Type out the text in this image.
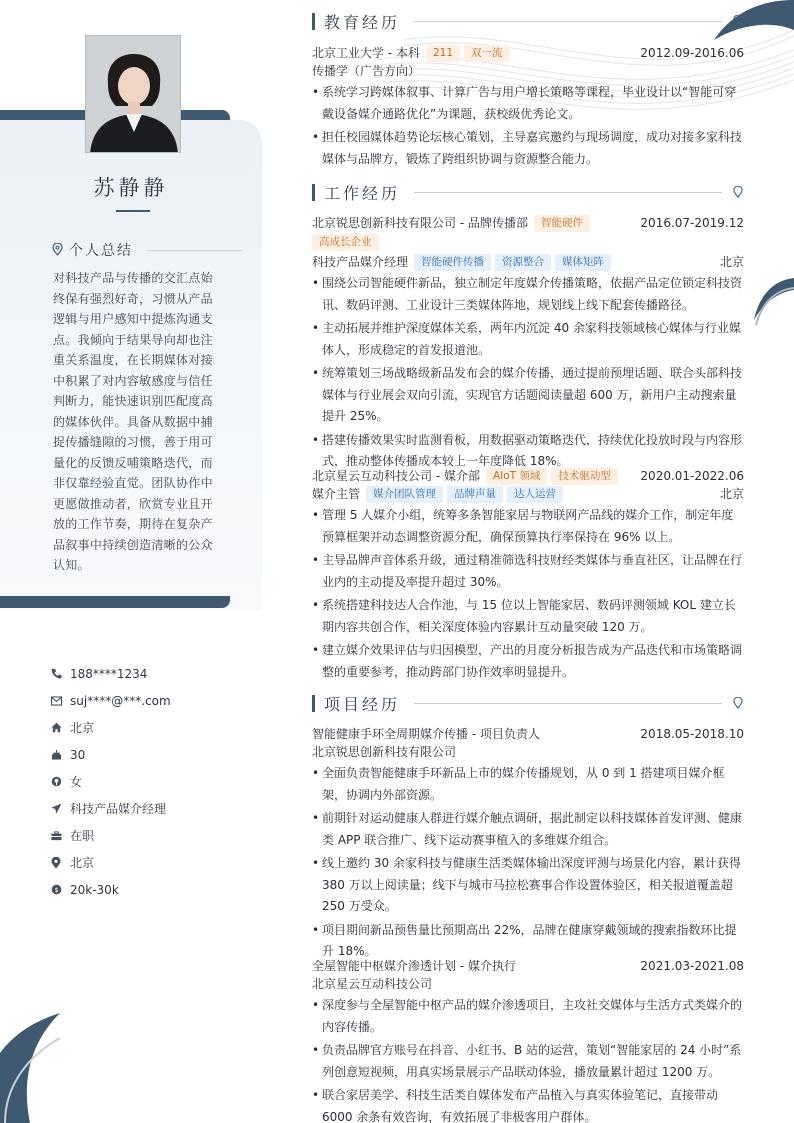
苏静静
个人总结
对科技产品与传播的交汇点始终保有强烈好奇，习惯从产品逻辑与用户感知中提炼沟通支点。我倾向于结果导向却也注重关系温度，在长期媒体对接中积累了对内容敏感度与信任判断力，能快速识别匹配度高的媒体伙伴。具备从数据中捕捉传播缝隙的习惯，善于用可量化的反馈反哺策略迭代，而非仅靠经验直觉。团队协作中更愿做推动者，欣赏专业且开放的工作节奏，期待在复杂产品叙事中持续创造清晰的公众认知。
188****1234
suj****@***.com
北京
30
女
科技产品媒介经理
在职
北京
$ 20k-30k
教育经历
北京工业大学 - 本科	211	双一流	2012.09-2016.06
传播学（广告方向）
• 系统学习跨媒体叙事、计算广告与用户增长策略等课程，毕业设计以“智能可穿戴设备媒介通路优化”为课题，获校级优秀论文。
• 担任校园媒体趋势论坛核心策划，主导嘉宾邀约与现场调度，成功对接多家科技媒体与品牌方，锻炼了跨组织协调与资源整合能力。
工作经历
北京锐思创新科技有限公司 - 品牌传播部	智能硬件	2016.07-2019.12
高成长企业
科技产品媒介经理	智能硬件传播	资源整合	媒体矩阵	北京
• 围绕公司智能硬件新品，独立制定年度媒介传播策略，依据产品定位锁定科技资讯、数码评测、工业设计三类媒体阵地，规划线上线下配套传播路径。
• 主动拓展并维护深度媒体关系，两年内沉淀 40 余家科技领域核心媒体与行业媒体人，形成稳定的首发报道池。
• 统筹策划三场战略级新品发布会的媒介传播，通过提前预埋话题、联合头部科技媒体与行业展会双向引流，实现官方话题阅读量超 600 万，新用户主动搜索量提升 25%。
• 搭建传播效果实时监测看板，用数据驱动策略迭代，持续优化投放时段与内容形式，推动整体传播成本较上一年度降低 18%。
北京星云互动科技公司 - 媒介部	AIoT 领域	技术驱动型	2020.01-2022.06
媒介主管	媒介团队管理	品牌声量	达人运营	北京
• 管理 5 人媒介小组，统筹多条智能家居与物联网产品线的媒介工作，制定年度预算框架并动态调整资源分配，确保预算执行率保持在 96% 以上。
• 主导品牌声音体系升级，通过精准筛选科技财经类媒体与垂直社区，让品牌在行业内的主动提及率提升超过 30%。
• 系统搭建科技达人合作池，与 15 位以上智能家居、数码评测领域 KOL 建立长期内容共创合作，相关深度体验内容累计互动量突破 120 万。
• 建立媒介效果评估与归因模型，产出的月度分析报告成为产品迭代和市场策略调整的重要参考，推动跨部门协作效率明显提升。
项目经历
智能健康手环全周期媒介传播 - 项目负责人	2018.05-2018.10
北京锐思创新科技有限公司
• 全面负责智能健康手环新品上市的媒介传播规划，从 0 到 1 搭建项目媒介框架，协调内外部资源。
• 前期针对运动健康人群进行媒介触点调研，据此制定以科技媒体首发评测、健康类 APP 联合推广、线下运动赛事植入的多维媒介组合。
• 线上邀约 30 余家科技与健康生活类媒体输出深度评测与场景化内容，累计获得 380 万以上阅读量；线下与城市马拉松赛事合作设置体验区，相关报道覆盖超 250 万受众。
• 项目期间新品预售量比预期高出 22%，品牌在健康穿戴领域的搜索指数环比提升 18%。
全屋智能中枢媒介渗透计划 - 媒介执行	2021.03-2021.08
北京星云互动科技公司
• 深度参与全屋智能中枢产品的媒介渗透项目，主攻社交媒体与生活方式类媒介的内容传播。
• 负责品牌官方账号在抖音、小红书、B 站的运营，策划“智能家居的 24 小时”系列创意短视频，用真实场景展示产品联动体验，播放量累计超过 1200 万。
• 联合家居美学、科技生活类自媒体发布产品植入与真实体验笔记，直接带动 6000 余条有效咨询，有效拓展了非极客用户群体。
